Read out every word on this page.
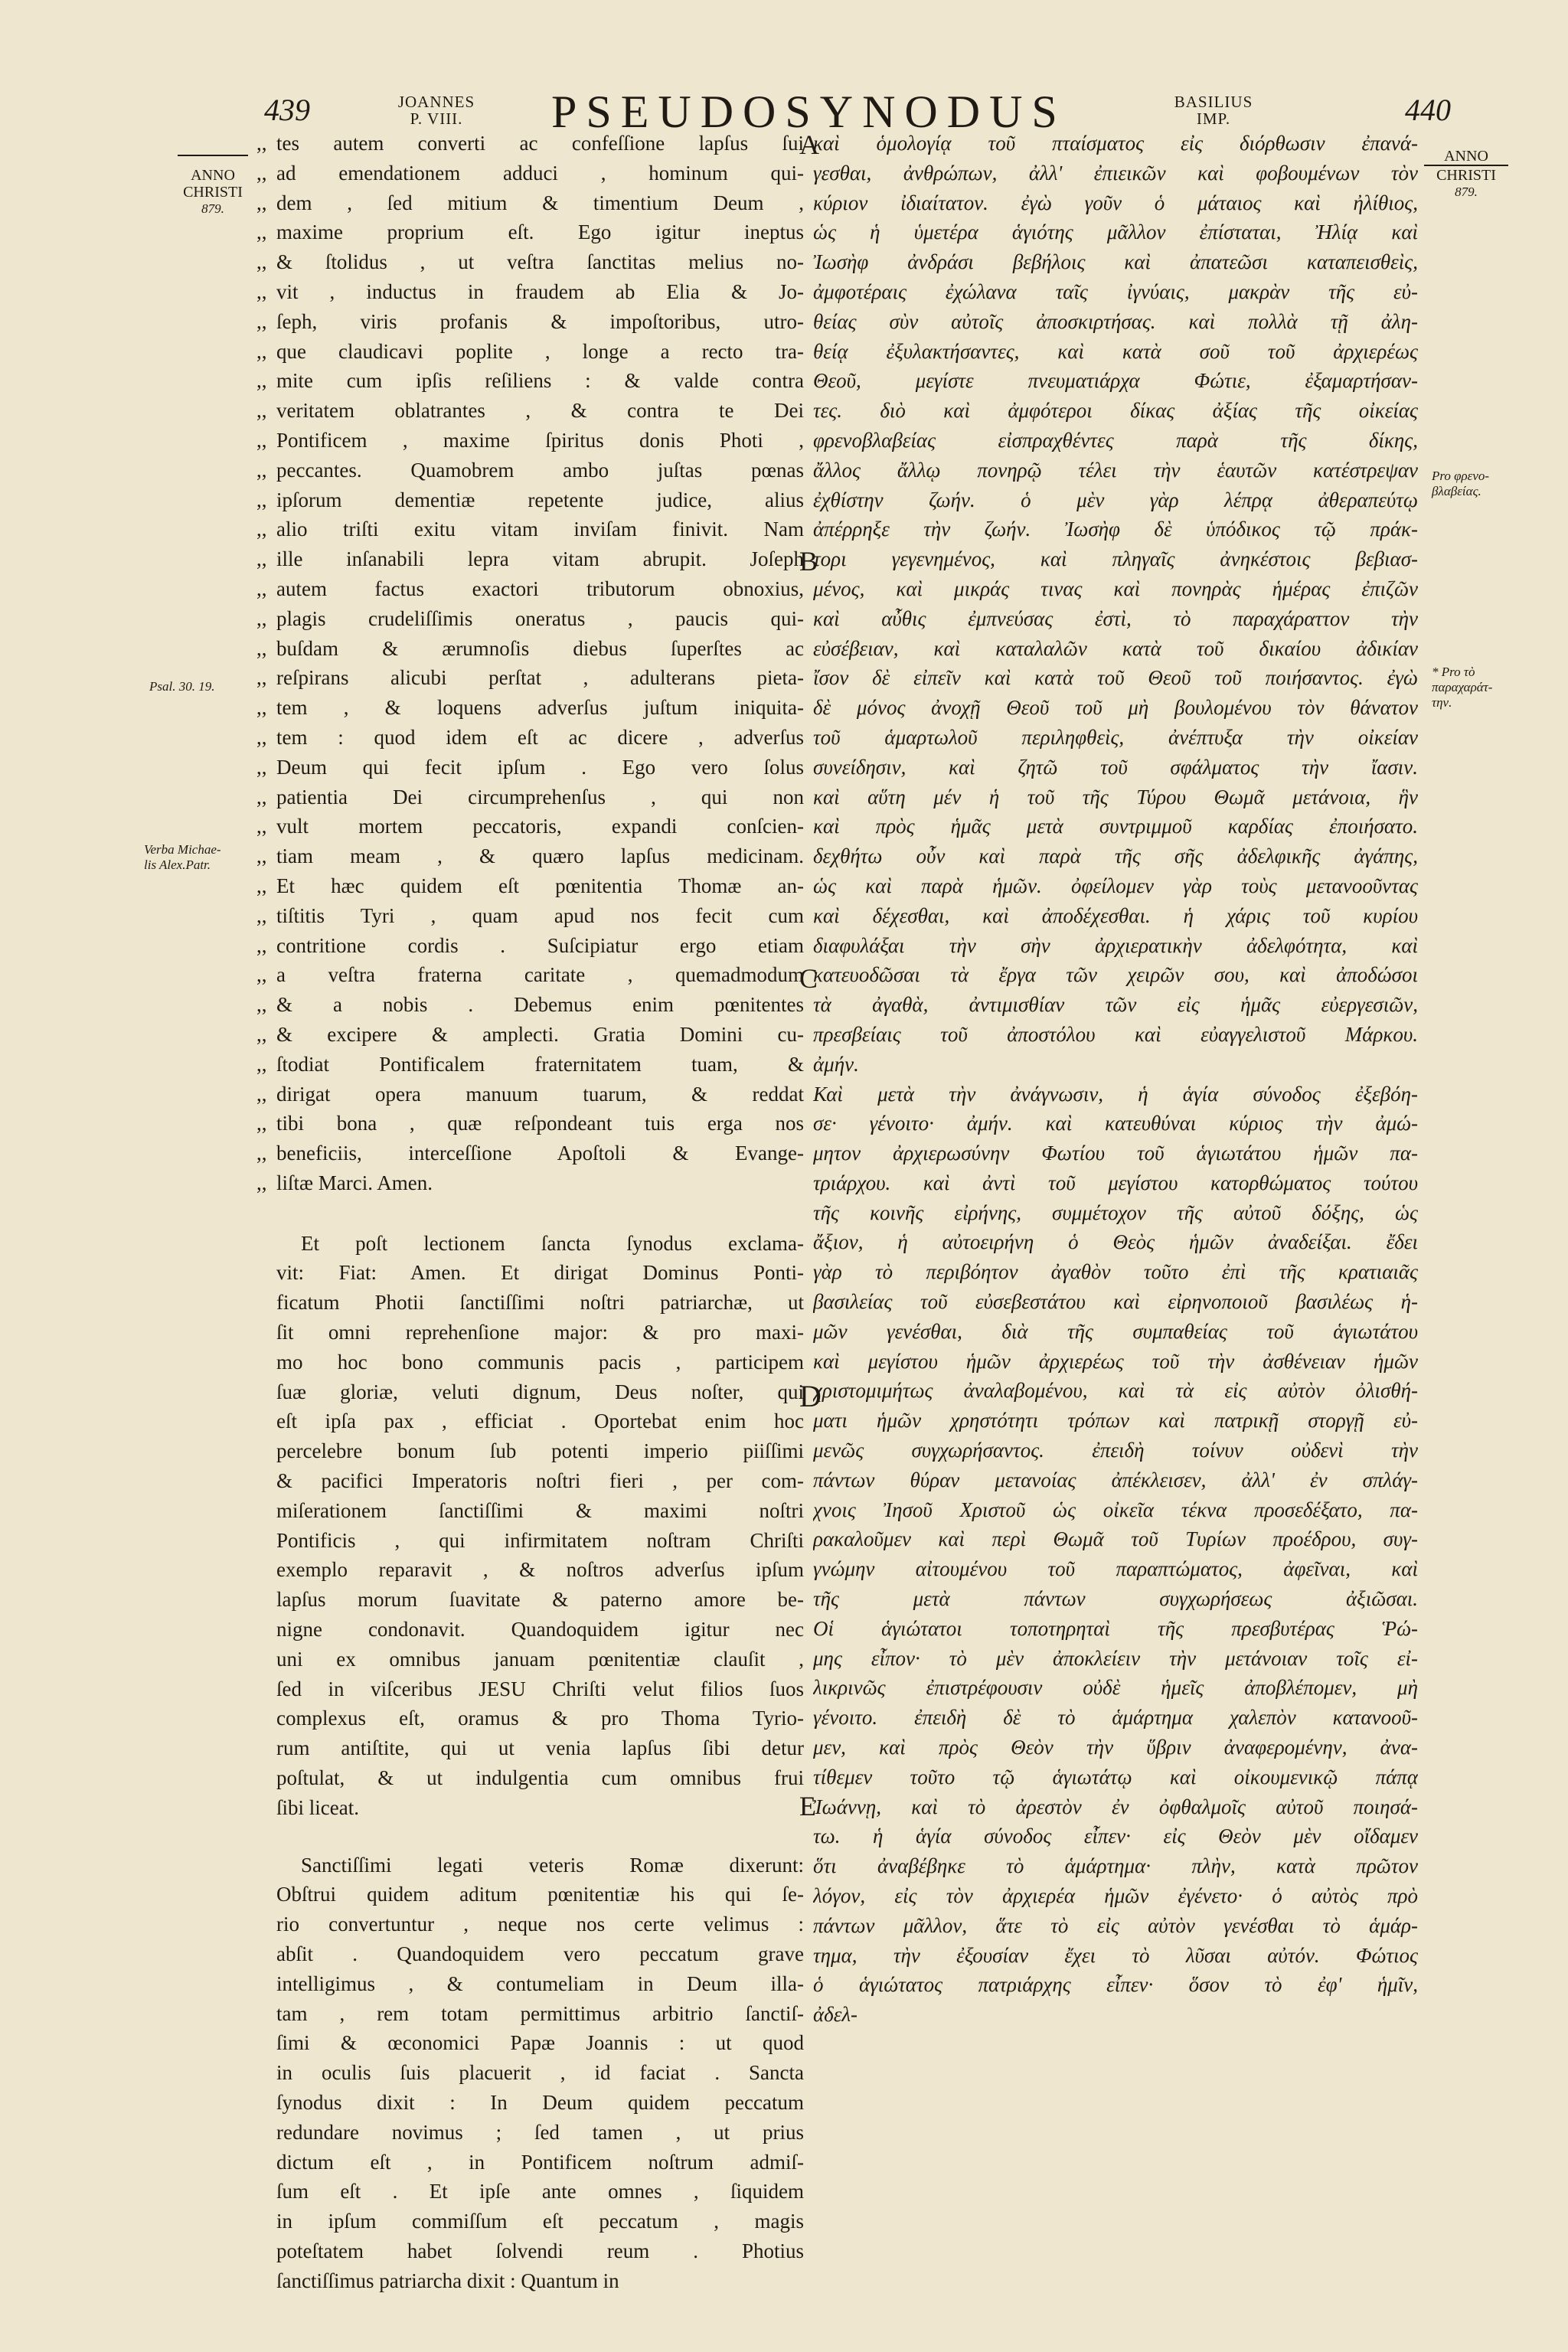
439	JOANNES
P. VIII.	PSEUDOSYNODUS	BASILIUS
IMP.	440
ANNO
CHRISTI
879.
Psal. 30. 19.
Verba Michae-
lis Alex.Patr.
ANNO
CHRISTI
879.
Pro φρενο-
βλαβείας.
* Pro τὸ
παραχαράτ-
την.
A
B
C
D
E
,, tes autem converti ac confeſſione lapſus ſui
,, ad emendationem adduci , hominum qui-
,, dem , ſed mitium & timentium Deum ,
,, maxime proprium eſt. Ego igitur ineptus
,, & ſtolidus , ut veſtra ſanctitas melius no-
,, vit , inductus in fraudem ab Elia & Jo-
,, ſeph, viris profanis & impoſtoribus, utro-
,, que claudicavi poplite , longe a recto tra-
,, mite cum ipſis reſiliens : & valde contra
,, veritatem oblatrantes , & contra te Dei
,, Pontificem , maxime ſpiritus donis Photi ,
,, peccantes. Quamobrem ambo juſtas pœnas
,, ipſorum dementiæ repetente judice, alius
,, alio triſti exitu vitam inviſam finivit. Nam
,, ille inſanabili lepra vitam abrupit. Joſeph
,, autem factus exactori tributorum obnoxius,
,, plagis crudeliſſimis oneratus , paucis qui-
,, buſdam & ærumnoſis diebus ſuperſtes ac
,, reſpirans alicubi perſtat , adulterans pieta-
,, tem , & loquens adverſus juſtum iniquita-
,, tem : quod idem eſt ac dicere , adverſus
,, Deum qui fecit ipſum . Ego vero ſolus
,, patientia Dei circumprehenſus , qui non
,, vult mortem peccatoris, expandi conſcien-
,, tiam meam , & quæro lapſus medicinam.
,, Et hæc quidem eſt pœnitentia Thomæ an-
,, tiſtitis Tyri , quam apud nos fecit cum
,, contritione cordis . Suſcipiatur ergo etiam
,, a veſtra fraterna caritate , quemadmodum
,, & a nobis . Debemus enim pœnitentes
,, & excipere & amplecti. Gratia Domini cu-
,, ſtodiat Pontificalem fraternitatem tuam, &
,, dirigat opera manuum tuarum, & reddat
,, tibi bona , quæ reſpondeant tuis erga nos
,, beneficiis, interceſſione Apoſtoli & Evange-
,, liſtæ Marci. Amen.
Et poſt lectionem ſancta ſynodus exclama-
vit: Fiat: Amen. Et dirigat Dominus Ponti-
ficatum Photii ſanctiſſimi noſtri patriarchæ, ut
ſit omni reprehenſione major: & pro maxi-
mo hoc bono communis pacis , participem
ſuæ gloriæ, veluti dignum, Deus noſter, qui
eſt ipſa pax , efficiat . Oportebat enim hoc
percelebre bonum ſub potenti imperio piiſſimi
& pacifici Imperatoris noſtri fieri , per com-
miſerationem ſanctiſſimi & maximi noſtri
Pontificis , qui infirmitatem noſtram Chriſti
exemplo reparavit , & noſtros adverſus ipſum
lapſus morum ſuavitate & paterno amore be-
nigne condonavit. Quandoquidem igitur nec
uni ex omnibus januam pœnitentiæ clauſit ,
ſed in viſceribus JESU Chriſti velut filios ſuos
complexus eſt, oramus & pro Thoma Tyrio-
rum antiſtite, qui ut venia lapſus ſibi detur
poſtulat, & ut indulgentia cum omnibus frui
ſibi liceat.
Sanctiſſimi legati veteris Romæ dixerunt:
Obſtrui quidem aditum pœnitentiæ his qui ſe-
rio convertuntur , neque nos certe velimus :
abſit . Quandoquidem vero peccatum grave
intelligimus , & contumeliam in Deum illa-
tam , rem totam permittimus arbitrio ſanctiſ-
ſimi & œconomici Papæ Joannis : ut quod
in oculis ſuis placuerit , id faciat . Sancta
ſynodus dixit : In Deum quidem peccatum
redundare novimus ; ſed tamen , ut prius
dictum eſt , in Pontificem noſtrum admiſ-
ſum eſt . Et ipſe ante omnes , ſiquidem
in ipſum commiſſum eſt peccatum , magis
poteſtatem habet ſolvendi reum . Photius
ſanctiſſimus patriarcha dixit : Quantum in
καὶ ὁμολογίᾳ τοῦ πταίσματος εἰς διόρθωσιν ἐπανά-
γεσθαι, ἀνθρώπων, ἀλλ' ἐπιεικῶν καὶ φοβουμένων τὸν
κύριον ἰδιαίτατον. ἐγὼ γοῦν ὁ μάταιος καὶ ἠλίθιος,
ὡς ἡ ὑμετέρα ἁγιότης μᾶλλον ἐπίσταται, Ἠλίᾳ καὶ
Ἰωσὴφ ἀνδράσι βεβήλοις καὶ ἀπατεῶσι καταπεισθεὶς,
ἀμφοτέραις ἐχώλανα ταῖς ἰγνύαις, μακρὰν τῆς εὐ-
θείας σὺν αὐτοῖς ἀποσκιρτήσας. καὶ πολλὰ τῇ ἀλη-
θείᾳ ἐξυλακτήσαντες, καὶ κατὰ σοῦ τοῦ ἀρχιερέως
Θεοῦ, μεγίστε πνευματιάρχα Φώτιε, ἐξαμαρτήσαν-
τες. διὸ καὶ ἀμφότεροι δίκας ἀξίας τῆς οἰκείας
φρενοβλαβείας εἰσπραχθέντες παρὰ τῆς δίκης,
ἄλλος ἄλλῳ πονηρῷ τέλει τὴν ἑαυτῶν κατέστρεψαν
ἐχθίστην ζωήν. ὁ μὲν γὰρ λέπρᾳ ἀθεραπεύτῳ
ἀπέρρηξε τὴν ζωήν. Ἰωσὴφ δὲ ὑπόδικος τῷ πράκ-
τορι γεγενημένος, καὶ πληγαῖς ἀνηκέστοις βεβιασ-
μένος, καὶ μικράς τινας καὶ πονηρὰς ἡμέρας ἐπιζῶν
καὶ αὖθις ἐμπνεύσας ἐστὶ, τὸ παραχάραττον τὴν
εὐσέβειαν, καὶ καταλαλῶν κατὰ τοῦ δικαίου ἀδικίαν
ἴσον δὲ εἰπεῖν καὶ κατὰ τοῦ Θεοῦ τοῦ ποιήσαντος. ἐγὼ
δὲ μόνος ἀνοχῇ Θεοῦ τοῦ μὴ βουλομένου τὸν θάνατον
τοῦ ἁμαρτωλοῦ περιληφθεὶς, ἀνέπτυξα τὴν οἰκείαν
συνείδησιν, καὶ ζητῶ τοῦ σφάλματος τὴν ἴασιν.
καὶ αὕτη μέν ἡ τοῦ τῆς Τύρου Θωμᾶ μετάνοια, ἣν
καὶ πρὸς ἡμᾶς μετὰ συντριμμοῦ καρδίας ἐποιήσατο.
δεχθήτω οὖν καὶ παρὰ τῆς σῆς ἀδελφικῆς ἀγάπης,
ὡς καὶ παρὰ ἡμῶν. ὀφείλομεν γὰρ τοὺς μετανοοῦντας
καὶ δέχεσθαι, καὶ ἀποδέχεσθαι. ἡ χάρις τοῦ κυρίου
διαφυλάξαι τὴν σὴν ἀρχιερατικὴν ἀδελφότητα, καὶ
κατευοδῶσαι τὰ ἔργα τῶν χειρῶν σου, καὶ ἀποδώσοι
τὰ ἀγαθὰ, ἀντιμισθίαν τῶν εἰς ἡμᾶς εὐεργεσιῶν,
πρεσβείαις τοῦ ἀποστόλου καὶ εὐαγγελιστοῦ Μάρκου.
ἀμήν.
Καὶ μετὰ τὴν ἀνάγνωσιν, ἡ ἁγία σύνοδος ἐξεβόη-
σε· γένοιτο· ἀμήν. καὶ κατευθύναι κύριος τὴν ἀμώ-
μητον ἀρχιερωσύνην Φωτίου τοῦ ἁγιωτάτου ἡμῶν πα-
τριάρχου. καὶ ἀντὶ τοῦ μεγίστου κατορθώματος τούτου
τῆς κοινῆς εἰρήνης, συμμέτοχον τῆς αὐτοῦ δόξης, ὡς
ἄξιον, ἡ αὐτοειρήνη ὁ Θεὸς ἡμῶν ἀναδείξαι. ἔδει
γὰρ τὸ περιβόητον ἀγαθὸν τοῦτο ἐπὶ τῆς κρατιαιᾶς
βασιλείας τοῦ εὐσεβεστάτου καὶ εἰρηνοποιοῦ βασιλέως ἡ-
μῶν γενέσθαι, διὰ τῆς συμπαθείας τοῦ ἁγιωτάτου
καὶ μεγίστου ἡμῶν ἀρχιερέως τοῦ τὴν ἀσθένειαν ἡμῶν
χριστομιμήτως ἀναλαβομένου, καὶ τὰ εἰς αὐτὸν ὀλισθή-
ματι ἡμῶν χρηστότητι τρόπων καὶ πατρικῇ στοργῇ εὐ-
μενῶς συγχωρήσαντος. ἐπειδὴ τοίνυν οὐδενὶ τὴν
πάντων θύραν μετανοίας ἀπέκλεισεν, ἀλλ' ἐν σπλάγ-
χνοις Ἰησοῦ Χριστοῦ ὡς οἰκεῖα τέκνα προσεδέξατο, πα-
ρακαλοῦμεν καὶ περὶ Θωμᾶ τοῦ Τυρίων προέδρου, συγ-
γνώμην αἰτουμένου τοῦ παραπτώματος, ἀφεῖναι, καὶ
τῆς μετὰ πάντων συγχωρήσεως ἀξιῶσαι.
Οἱ ἁγιώτατοι τοποτηρηταὶ τῆς πρεσβυτέρας Ῥώ-
μης εἶπον· τὸ μὲν ἀποκλείειν τὴν μετάνοιαν τοῖς εἰ-
λικρινῶς ἐπιστρέφουσιν οὐδὲ ἡμεῖς ἀποβλέπομεν, μὴ
γένοιτο. ἐπειδὴ δὲ τὸ ἁμάρτημα χαλεπὸν κατανοοῦ-
μεν, καὶ πρὸς Θεὸν τὴν ὕβριν ἀναφερομένην, ἀνα-
τίθεμεν τοῦτο τῷ ἁγιωτάτῳ καὶ οἰκουμενικῷ πάπᾳ
Ἰωάννῃ, καὶ τὸ ἀρεστὸν ἐν ὀφθαλμοῖς αὐτοῦ ποιησά-
τω. ἡ ἁγία σύνοδος εἶπεν· εἰς Θεὸν μὲν οἴδαμεν
ὅτι ἀναβέβηκε τὸ ἁμάρτημα· πλὴν, κατὰ πρῶτον
λόγον, εἰς τὸν ἀρχιερέα ἡμῶν ἐγένετο· ὁ αὐτὸς πρὸ
πάντων μᾶλλον, ἅτε τὸ εἰς αὐτὸν γενέσθαι τὸ ἁμάρ-
τημα, τὴν ἐξουσίαν ἔχει τὸ λῦσαι αὐτόν. Φώτιος
ὁ ἁγιώτατος πατριάρχης εἶπεν· ὅσον τὸ ἐφ' ἡμῖν,
ἀδελ-
